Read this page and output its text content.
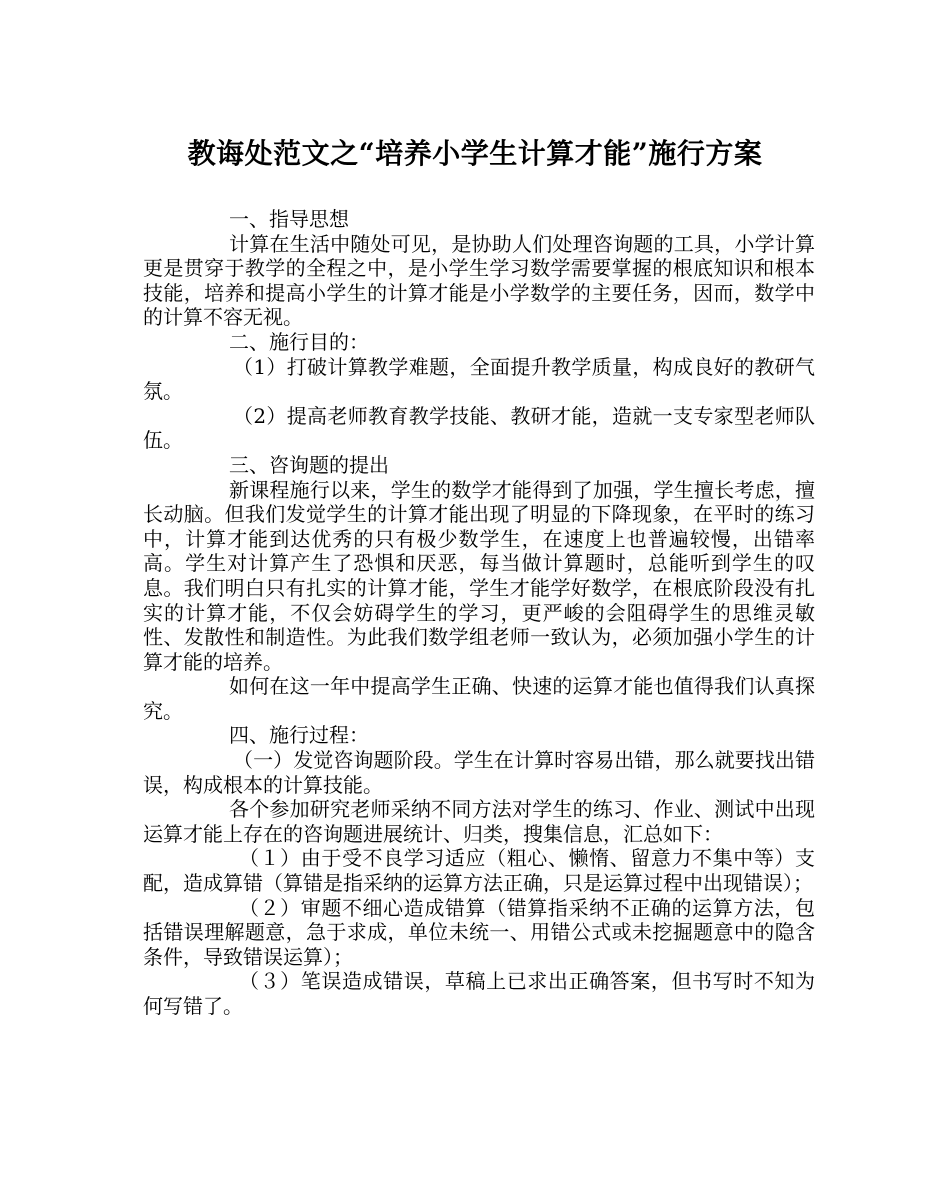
教诲处范文之“培养小学生计算才能”施行方案

一、指导思想

计算在生活中随处可见，是协助人们处理咨询题的工具，小学计算更是贯穿于教学的全程之中，是小学生学习数学需要掌握的根底知识和根本技能，培养和提高小学生的计算才能是小学数学的主要任务，因而，数学中的计算不容无视。

二、施行目的：

（1）打破计算教学难题，全面提升教学质量，构成良好的教研气氛。

（2）提高老师教育教学技能、教研才能，造就一支专家型老师队伍。

三、咨询题的提出

新课程施行以来，学生的数学才能得到了加强，学生擅长考虑，擅长动脑。但我们发觉学生的计算才能出现了明显的下降现象，在平时的练习中，计算才能到达优秀的只有极少数学生，在速度上也普遍较慢，出错率高。学生对计算产生了恐惧和厌恶，每当做计算题时，总能听到学生的叹息。我们明白只有扎实的计算才能，学生才能学好数学，在根底阶段没有扎实的计算才能，不仅会妨碍学生的学习，更严峻的会阻碍学生的思维灵敏性、发散性和制造性。为此我们数学组老师一致认为，必须加强小学生的计算才能的培养。

如何在这一年中提高学生正确、快速的运算才能也值得我们认真探究。

四、施行过程：

（一）发觉咨询题阶段。学生在计算时容易出错，那么就要找出错误，构成根本的计算技能。

各个参加研究老师采纳不同方法对学生的练习、作业、测试中出现运算才能上存在的咨询题进展统计、归类，搜集信息，汇总如下：

（１）由于受不良学习适应（粗心、懒惰、留意力不集中等）支配，造成算错（算错是指采纳的运算方法正确，只是运算过程中出现错误）；

（２）审题不细心造成错算（错算指采纳不正确的运算方法，包括错误理解题意，急于求成，单位未统一、用错公式或未挖掘题意中的隐含条件，导致错误运算）；

（３）笔误造成错误，草稿上已求出正确答案，但书写时不知为何写错了。
